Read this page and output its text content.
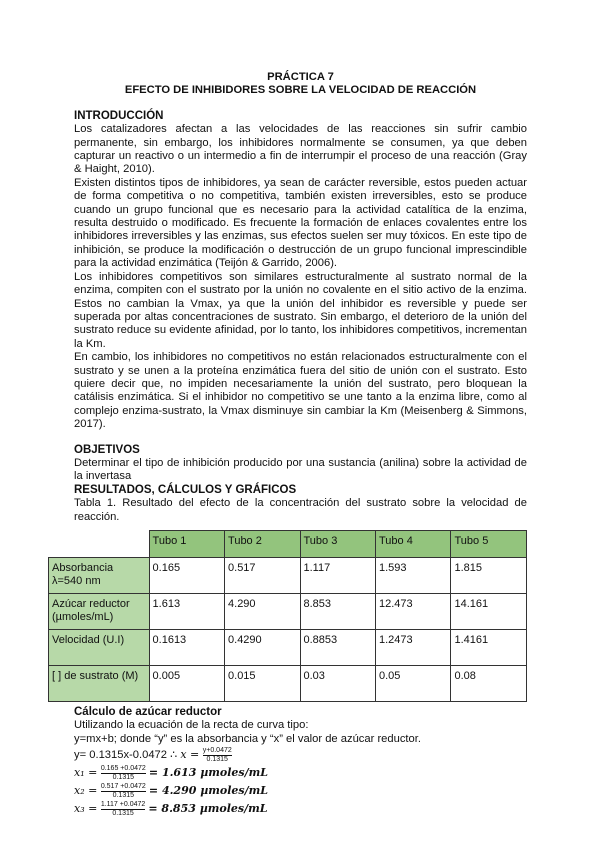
PRÁCTICA 7
EFECTO DE INHIBIDORES SOBRE LA VELOCIDAD DE REACCIÓN
INTRODUCCIÓN

Los catalizadores afectan a las velocidades de las reacciones sin sufrir cambio permanente, sin embargo, los inhibidores normalmente se consumen, ya que deben capturar un reactivo o un intermedio a fin de interrumpir el proceso de una reacción (Gray & Haight, 2010).

Existen distintos tipos de inhibidores, ya sean de carácter reversible, estos pueden actuar de forma competitiva o no competitiva, también existen irreversibles, esto se produce cuando un grupo funcional que es necesario para la actividad catalítica de la enzima, resulta destruido o modificado. Es frecuente la formación de enlaces covalentes entre los inhibidores irreversibles y las enzimas, sus efectos suelen ser muy tóxicos. En este tipo de inhibición, se produce la modificación o destrucción de un grupo funcional imprescindible para la actividad enzimática (Teijón & Garrido, 2006).

Los inhibidores competitivos son similares estructuralmente al sustrato normal de la enzima, compiten con el sustrato por la unión no covalente en el sitio activo de la enzima. Estos no cambian la Vmax, ya que la unión del inhibidor es reversible y puede ser superada por altas concentraciones de sustrato. Sin embargo, el deterioro de la unión del sustrato reduce su evidente afinidad, por lo tanto, los inhibidores competitivos, incrementan la Km.

En cambio, los inhibidores no competitivos no están relacionados estructuralmente con el sustrato y se unen a la proteína enzimática fuera del sitio de unión con el sustrato. Esto quiere decir que, no impiden necesariamente la unión del sustrato, pero bloquean la catálisis enzimática. Si el inhibidor no competitivo se une tanto a la enzima libre, como al complejo enzima-sustrato, la Vmax disminuye sin cambiar la Km (Meisenberg & Simmons, 2017).

OBJETIVOS

Determinar el tipo de inhibición producido por una sustancia (anilina) sobre la actividad de la invertasa

RESULTADOS, CÁLCULOS Y GRÁFICOS

Tabla 1. Resultado del efecto de la concentración del sustrato sobre la velocidad de reacción.

	Tubo 1	Tubo 2	Tubo 3	Tubo 4	Tubo 5
Absorbancia λ=540 nm	0.165	0.517	1.117	1.593	1.815
Azúcar reductor (µmoles/mL)	1.613	4.290	8.853	12.473	14.161
Velocidad (U.I)	0.1613	0.4290	0.8853	1.2473	1.4161
[ ] de sustrato (M)	0.005	0.015	0.03	0.05	0.08
Cálculo de azúcar reductor

Utilizando la ecuación de la recta de curva tipo:

y=mx+b; donde “y” es la absorbancia y “x” el valor de azúcar reductor.

y= 0.1315x-0.0472 ∴ $x = \frac{y+0.0472}{0.1315}$
$x_1 = \frac{0.165 +0.0472}{0.1315} = 1.613$ µmoles/mL
$x_2 = \frac{0.517 +0.0472}{0.1315} = 4.290$ µmoles/mL
$x_3 = \frac{1.117 +0.0472}{0.1315} = 8.853$ µmoles/mL
